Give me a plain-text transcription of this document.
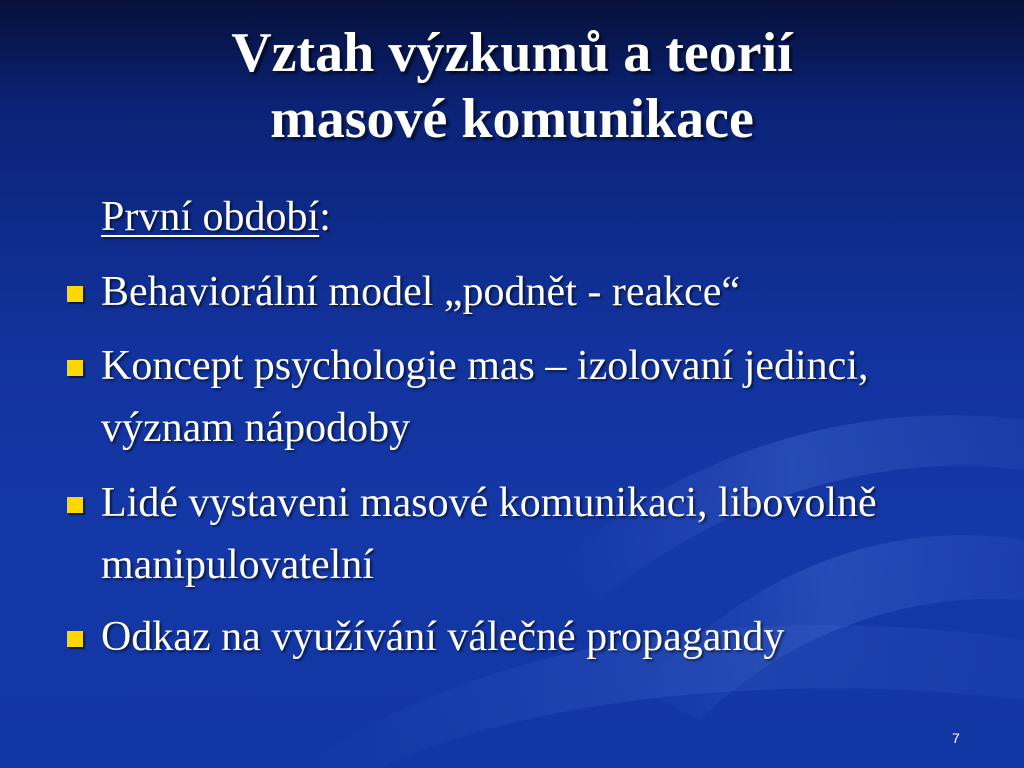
Vztah výzkumů a teorií
masové komunikace
První období:
Behaviorální model „podnět - reakce“
Koncept psychologie mas – izolovaní jedinci, význam nápodoby
Lidé vystaveni masové komunikaci, libovolně manipulovatelní
Odkaz na využívání válečné propagandy
7
